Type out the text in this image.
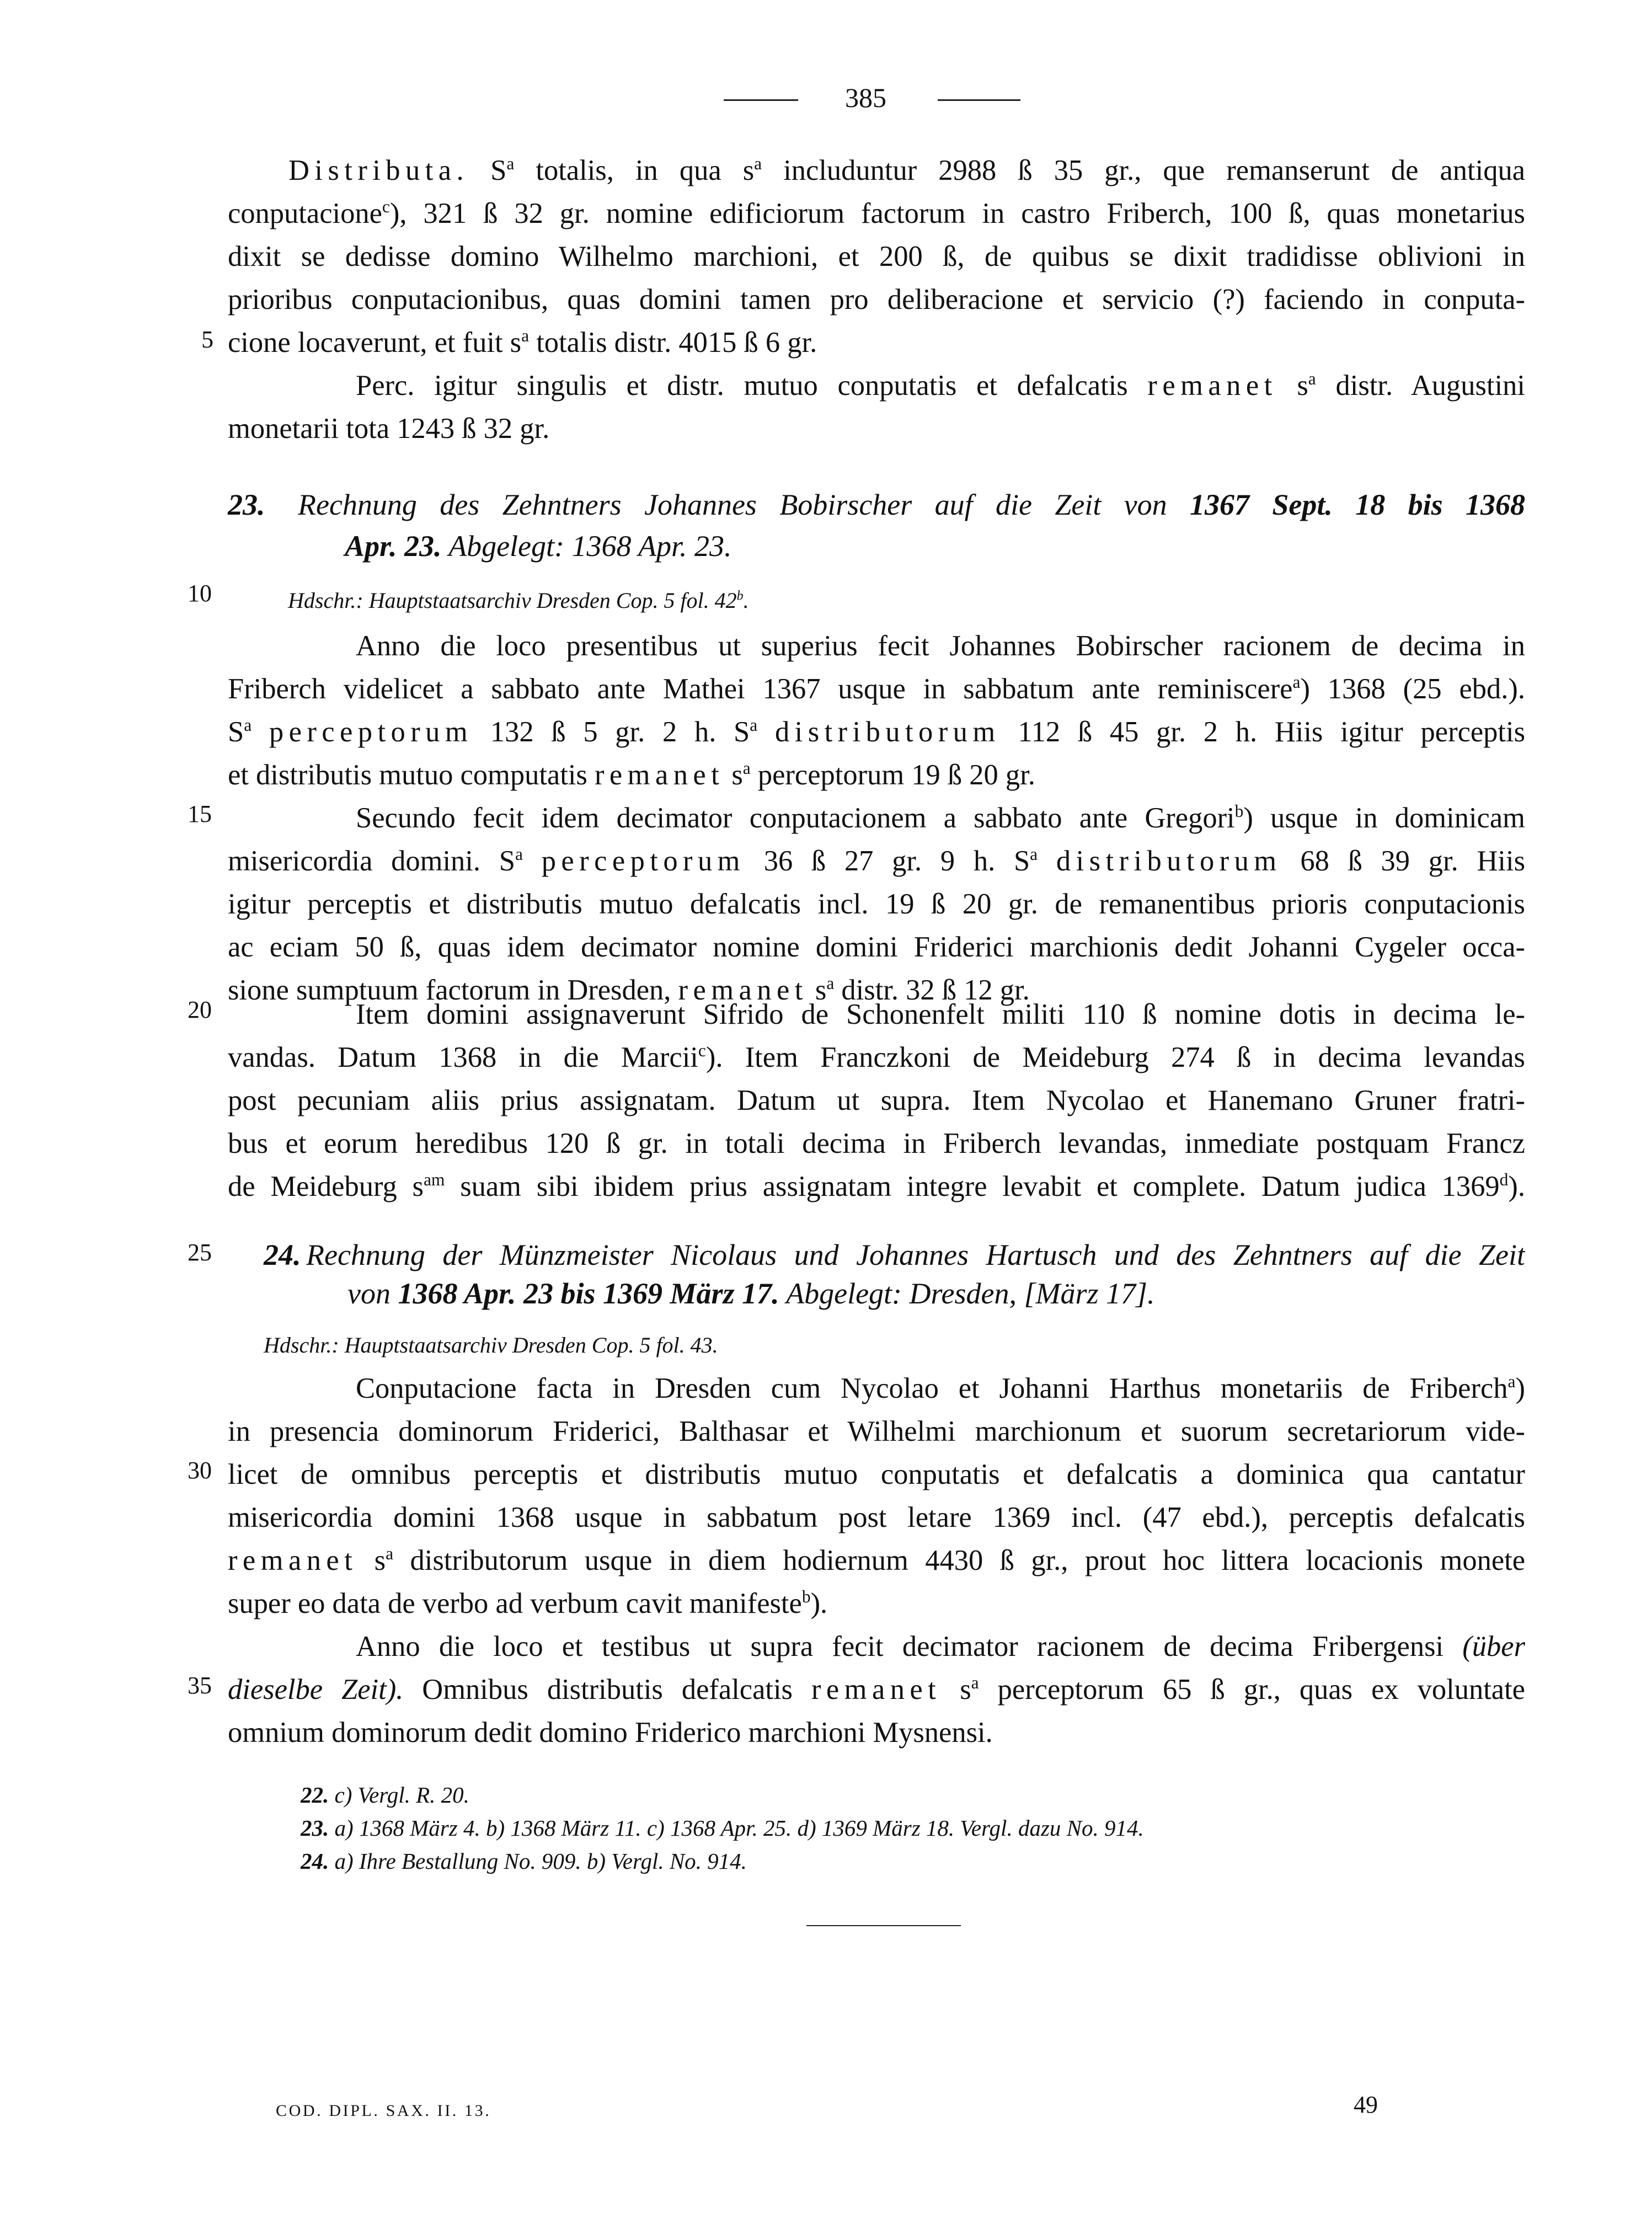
385
Distributa. $S^a$ totalis, in qua $s^a$ includuntur 2988 ß 35 gr., que remanserunt de antiqua
conputacione$^c$), 321 ß 32 gr. nomine edificiorum factorum in castro Friberch, 100 ß, quas monetarius
dixit se dedisse domino Wilhelmo marchioni, et 200 ß, de quibus se dixit tradidisse oblivioni in
prioribus conputacionibus, quas domini tamen pro deliberacione et servicio (?) faciendo in conputa-
cione locaverunt, et fuit $s^a$ totalis distr. 4015 ß 6 gr.
Perc. igitur singulis et distr. mutuo conputatis et defalcatis remanet $s^a$ distr. Augustini
monetarii tota 1243 ß 32 gr.
23. Rechnung des Zehntners Johannes Bobirscher auf die Zeit von 1367 Sept. 18 bis 1368
Apr. 23. Abgelegt: 1368 Apr. 23.
Hdschr.: Hauptstaatsarchiv Dresden Cop. 5 fol. 42$^b$.
Anno die loco presentibus ut superius fecit Johannes Bobirscher racionem de decima in
Friberch videlicet a sabbato ante Mathei 1367 usque in sabbatum ante reminiscere$^a$) 1368 (25 ebd.).
$S^a$ perceptorum 132 ß 5 gr. 2 h. $S^a$ distributorum 112 ß 45 gr. 2 h. Hiis igitur perceptis
et distributis mutuo computatis remanet $s^a$ perceptorum 19 ß 20 gr.
Secundo fecit idem decimator conputacionem a sabbato ante Gregori$^b$) usque in dominicam
misericordia domini. $S^a$ perceptorum 36 ß 27 gr. 9 h. $S^a$ distributorum 68 ß 39 gr. Hiis
igitur perceptis et distributis mutuo defalcatis incl. 19 ß 20 gr. de remanentibus prioris conputacionis
ac eciam 50 ß, quas idem decimator nomine domini Friderici marchionis dedit Johanni Cygeler occa-
sione sumptuum factorum in Dresden, remanet $s^a$ distr. 32 ß 12 gr.
Item domini assignaverunt Sifrido de Schonenfelt militi 110 ß nomine dotis in decima le-
vandas. Datum 1368 in die Marcii$^c$). Item Franczkoni de Meideburg 274 ß in decima levandas
post pecuniam aliis prius assignatam. Datum ut supra. Item Nycolao et Hanemano Gruner fratri-
bus et eorum heredibus 120 ß gr. in totali decima in Friberch levandas, inmediate postquam Francz
de Meideburg $s^{am}$ suam sibi ibidem prius assignatam integre levabit et complete. Datum judica 1369$^d$).
24. Rechnung der Münzmeister Nicolaus und Johannes Hartusch und des Zehntners auf die Zeit
von 1368 Apr. 23 bis 1369 März 17. Abgelegt: Dresden, [März 17].
Hdschr.: Hauptstaatsarchiv Dresden Cop. 5 fol. 43.
Conputacione facta in Dresden cum Nycolao et Johanni Harthus monetariis de Friberch$^a$)
in presencia dominorum Friderici, Balthasar et Wilhelmi marchionum et suorum secretariorum vide-
licet de omnibus perceptis et distributis mutuo conputatis et defalcatis a dominica qua cantatur
misericordia domini 1368 usque in sabbatum post letare 1369 incl. (47 ebd.), perceptis defalcatis
remanet $s^a$ distributorum usque in diem hodiernum 4430 ß gr., prout hoc littera locacionis monete
super eo data de verbo ad verbum cavit manifeste$^b$).
Anno die loco et testibus ut supra fecit decimator racionem de decima Fribergensi (über
dieselbe Zeit). Omnibus distributis defalcatis remanet $s^a$ perceptorum 65 ß gr., quas ex voluntate
omnium dominorum dedit domino Friderico marchioni Mysnensi.
5
10
15
20
25
30
35
22. c) Vergl. R. 20.
23. a) 1368 März 4. b) 1368 März 11. c) 1368 Apr. 25. d) 1369 März 18. Vergl. dazu No. 914.
24. a) Ihre Bestallung No. 909. b) Vergl. No. 914.
COD. DIPL. SAX. II. 13.	49
